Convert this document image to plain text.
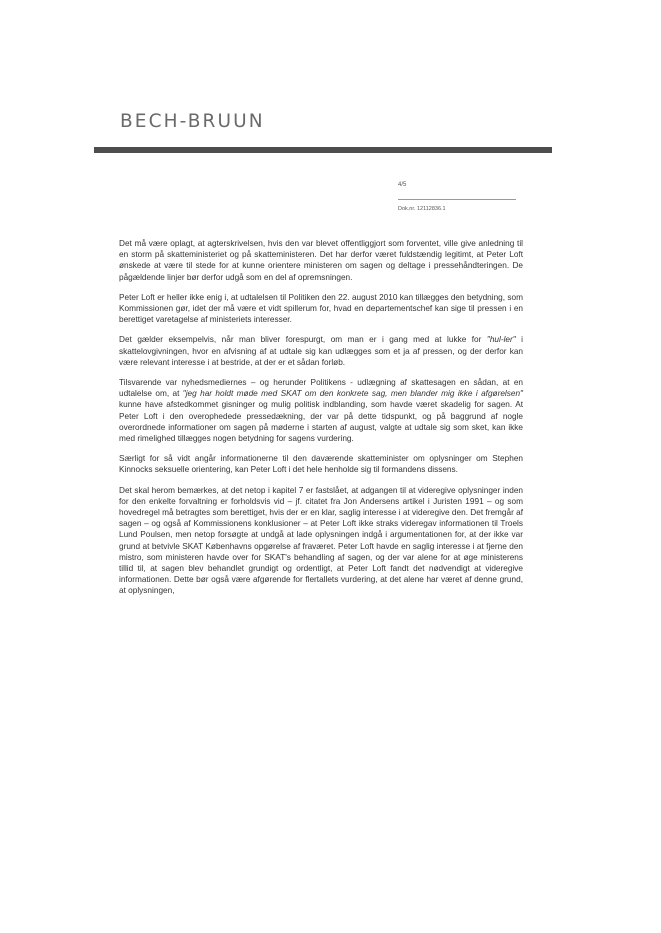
BECH-BRUUN
4/5
Dok.nr. 12112836.1

Det må være oplagt, at agterskrivelsen, hvis den var blevet offentliggjort som forventet, ville give anledning til en storm på skatteministeriet og på skatteministeren. Det har derfor været fuldstændig legitimt, at Peter Loft ønskede at være til stede for at kunne orientere ministeren om sagen og deltage i pressehåndteringen. De pågældende linjer bør derfor udgå som en del af opremsningen.

Peter Loft er heller ikke enig i, at udtalelsen til Politiken den 22. august 2010 kan tillægges den betydning, som Kommissionen gør, idet der må være et vidt spillerum for, hvad en departementschef kan sige til pressen i en berettiget varetagelse af ministeriets interesser.

Det gælder eksempelvis, når man bliver forespurgt, om man er i gang med at lukke for "hul-ler" i skattelovgivningen, hvor en afvisning af at udtale sig kan udlægges som et ja af pressen, og der derfor kan være relevant interesse i at bestride, at der er et sådan forløb.

Tilsvarende var nyhedsmediernes – og herunder Politikens - udlægning af skattesagen en sådan, at en udtalelse om, at "jeg har holdt møde med SKAT om den konkrete sag, men blander mig ikke i afgørelsen" kunne have afstedkommet gisninger og mulig politisk indblanding, som havde været skadelig for sagen. At Peter Loft i den overophedede pressedækning, der var på dette tidspunkt, og på baggrund af nogle overordnede informationer om sagen på møderne i starten af august, valgte at udtale sig som sket, kan ikke med rimelighed tillægges nogen betydning for sagens vurdering.

Særligt for så vidt angår informationerne til den daværende skatteminister om oplysninger om Stephen Kinnocks seksuelle orientering, kan Peter Loft i det hele henholde sig til formandens dissens.

Det skal herom bemærkes, at det netop i kapitel 7 er fastslået, at adgangen til at videregive oplysninger inden for den enkelte forvaltning er forholdsvis vid – jf. citatet fra Jon Andersens artikel i Juristen 1991 – og som hovedregel må betragtes som berettiget, hvis der er en klar, saglig interesse i at videregive den. Det fremgår af sagen – og også af Kommissionens konklusioner – at Peter Loft ikke straks videregav informationen til Troels Lund Poulsen, men netop forsøgte at undgå at lade oplysningen indgå i argumentationen for, at der ikke var grund at betvivle SKAT Københavns opgørelse af fraværet. Peter Loft havde en saglig interesse i at fjerne den mistro, som ministeren havde over for SKAT's behandling af sagen, og der var alene for at øge ministerens tillid til, at sagen blev behandlet grundigt og ordentligt, at Peter Loft fandt det nødvendigt at videregive informationen. Dette bør også være afgørende for flertallets vurdering, at det alene har været af denne grund, at oplysningen,
